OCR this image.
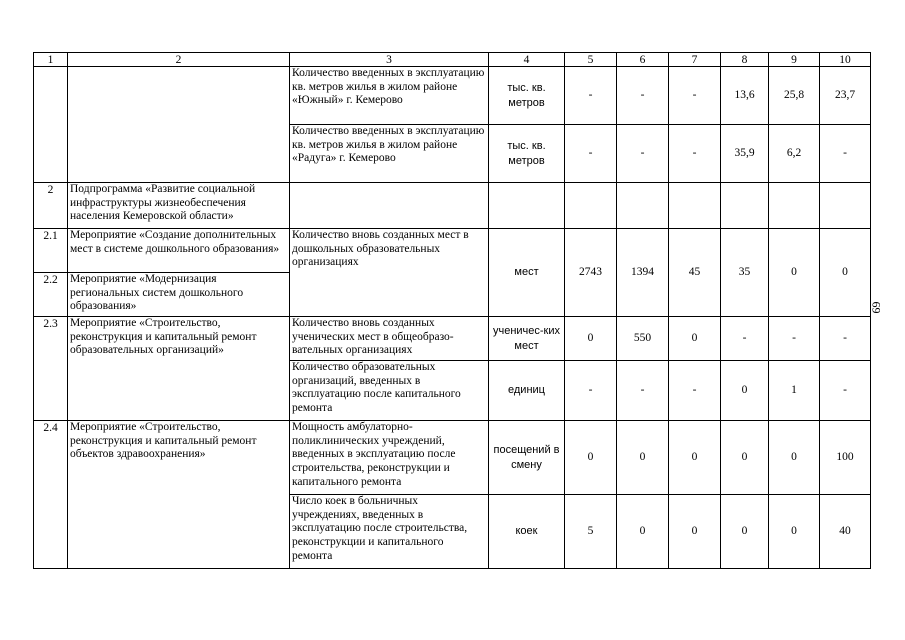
1	2	3	4	5	6	7	8	9	10
		Количество введенных в эксплуатацию кв. метров жилья в жилом районе «Южный» г. Кемерово	тыс. кв. метров	-	-	-	13,6	25,8	23,7
		Количество введенных в эксплуатацию кв. метров жилья в жилом районе «Радуга» г. Кемерово	тыс. кв. метров	-	-	-	35,9	6,2	-
2	Подпрограмма «Развитие социальной инфраструктуры жизнеобеспечения населения Кемеровской области»								
2.1	Мероприятие «Создание дополнительных мест в системе дошкольного образования»	Количество вновь созданных мест в дошкольных образовательных организациях	мест	2743	1394	45	35	0	0
2.2	Мероприятие «Модернизация региональных систем дошкольного образования»								
2.3	Мероприятие «Строительство, реконструкция и капитальный ремонт образовательных организаций»	Количество вновь созданных ученических мест в общеобразо-вательных организациях	ученичес-ких мест	0	550	0	-	-	-
		Количество образовательных организаций, введенных в эксплуатацию после капитального ремонта	единиц	-	-	-	0	1	-
2.4	Мероприятие «Строительство, реконструкция и капитальный ремонт объектов здравоохранения»	Мощность амбулаторно-поликлинических учреждений, введенных в эксплуатацию после строительства, реконструкции и капитального ремонта	посещений в смену	0	0	0	0	0	100
		Число коек в больничных учреждениях, введенных в эксплуатацию после строительства, реконструкции и капитального ремонта	коек	5	0	0	0	0	40
69
